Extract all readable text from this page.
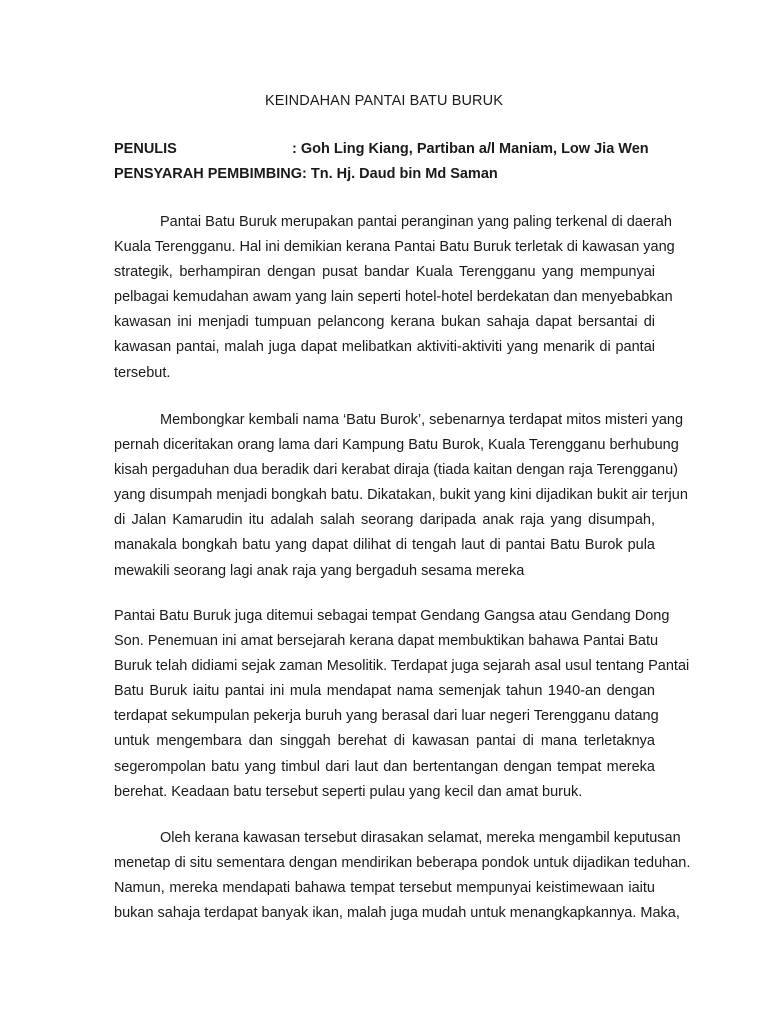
KEINDAHAN PANTAI BATU BURUK
PENULIS	: Goh Ling Kiang, Partiban a/l Maniam, Low Jia Wen
PENSYARAH PEMBIMBING: Tn. Hj. Daud bin Md Saman
Pantai Batu Buruk merupakan pantai peranginan yang paling terkenal di daerah
Kuala Terengganu. Hal ini demikian kerana Pantai Batu Buruk terletak di kawasan yang
strategik, berhampiran dengan pusat bandar Kuala Terengganu yang mempunyai
pelbagai kemudahan awam yang lain seperti hotel-hotel berdekatan dan menyebabkan
kawasan ini menjadi tumpuan pelancong kerana bukan sahaja dapat bersantai di
kawasan pantai, malah juga dapat melibatkan aktiviti-aktiviti yang menarik di pantai
tersebut.
Membongkar kembali nama ‘Batu Burok’, sebenarnya terdapat mitos misteri yang
pernah diceritakan orang lama dari Kampung Batu Burok, Kuala Terengganu berhubung
kisah pergaduhan dua beradik dari kerabat diraja (tiada kaitan dengan raja Terengganu)
yang disumpah menjadi bongkah batu. Dikatakan, bukit yang kini dijadikan bukit air terjun
di Jalan Kamarudin itu adalah salah seorang daripada anak raja yang disumpah,
manakala bongkah batu yang dapat dilihat di tengah laut di pantai Batu Burok pula
mewakili seorang lagi anak raja yang bergaduh sesama mereka
Pantai Batu Buruk juga ditemui sebagai tempat Gendang Gangsa atau Gendang Dong
Son. Penemuan ini amat bersejarah kerana dapat membuktikan bahawa Pantai Batu
Buruk telah didiami sejak zaman Mesolitik. Terdapat juga sejarah asal usul tentang Pantai
Batu Buruk iaitu pantai ini mula mendapat nama semenjak tahun 1940-an dengan
terdapat sekumpulan pekerja buruh yang berasal dari luar negeri Terengganu datang
untuk mengembara dan singgah berehat di kawasan pantai di mana terletaknya
segerompolan batu yang timbul dari laut dan bertentangan dengan tempat mereka
berehat. Keadaan batu tersebut seperti pulau yang kecil dan amat buruk.
Oleh kerana kawasan tersebut dirasakan selamat, mereka mengambil keputusan
menetap di situ sementara dengan mendirikan beberapa pondok untuk dijadikan teduhan.
Namun, mereka mendapati bahawa tempat tersebut mempunyai keistimewaan iaitu
bukan sahaja terdapat banyak ikan, malah juga mudah untuk menangkapkannya. Maka,
